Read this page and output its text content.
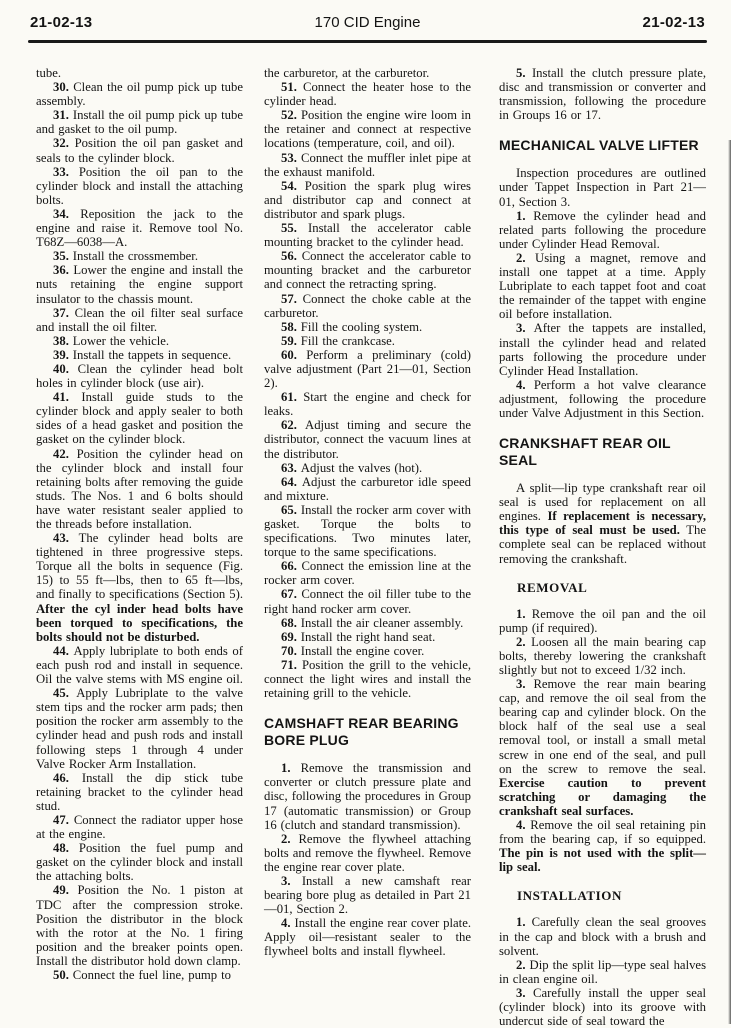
21-02-13	170 CID Engine	21-02-13

tube.

30. Clean the oil pump pick up tube assembly.

31. Install the oil pump pick up tube and gasket to the oil pump.

32. Position the oil pan gasket and seals to the cylinder block.

33. Position the oil pan to the cylinder block and install the attaching bolts.

34. Reposition the jack to the engine and raise it. Remove tool No. T68Z—6038—A.

35. Install the crossmember.

36. Lower the engine and install the nuts retaining the engine support insulator to the chassis mount.

37. Clean the oil filter seal surface and install the oil filter.

38. Lower the vehicle.

39. Install the tappets in sequence.

40. Clean the cylinder head bolt holes in cylinder block (use air).

41. Install guide studs to the cylinder block and apply sealer to both sides of a head gasket and position the gasket on the cylinder block.

42. Position the cylinder head on the cylinder block and install four retaining bolts after removing the guide studs. The Nos. 1 and 6 bolts should have water resistant sealer applied to the threads before installation.

43. The cylinder head bolts are tightened in three progressive steps. Torque all the bolts in sequence (Fig. 15) to 55 ft—lbs, then to 65 ft—lbs, and finally to specifications (Section 5). After the cyl inder head bolts have been torqued to specifications, the bolts should not be disturbed.

44. Apply lubriplate to both ends of each push rod and install in sequence. Oil the valve stems with MS engine oil.

45. Apply Lubriplate to the valve stem tips and the rocker arm pads; then position the rocker arm assembly to the cylinder head and push rods and install following steps 1 through 4 under Valve Rocker Arm Installation.

46. Install the dip stick tube retaining bracket to the cylinder head stud.

47. Connect the radiator upper hose at the engine.

48. Position the fuel pump and gasket on the cylinder block and install the attaching bolts.

49. Position the No. 1 piston at TDC after the compression stroke. Position the distributor in the block with the rotor at the No. 1 firing position and the breaker points open. Install the distributor hold down clamp.

50. Connect the fuel line, pump to

the carburetor, at the carburetor.

51. Connect the heater hose to the cylinder head.

52. Position the engine wire loom in the retainer and connect at respective locations (temperature, coil, and oil).

53. Connect the muffler inlet pipe at the exhaust manifold.

54. Position the spark plug wires and distributor cap and connect at distributor and spark plugs.

55. Install the accelerator cable mounting bracket to the cylinder head.

56. Connect the accelerator cable to mounting bracket and the carburetor and connect the retracting spring.

57. Connect the choke cable at the carburetor.

58. Fill the cooling system.

59. Fill the crankcase.

60. Perform a preliminary (cold) valve adjustment (Part 21—01, Section 2).

61. Start the engine and check for leaks.

62. Adjust timing and secure the distributor, connect the vacuum lines at the distributor.

63. Adjust the valves (hot).

64. Adjust the carburetor idle speed and mixture.

65. Install the rocker arm cover with gasket. Torque the bolts to specifications. Two minutes later, torque to the same specifications.

66. Connect the emission line at the rocker arm cover.

67. Connect the oil filler tube to the right hand rocker arm cover.

68. Install the air cleaner assembly.

69. Install the right hand seat.

70. Install the engine cover.

71. Position the grill to the vehicle, connect the light wires and install the retaining grill to the vehicle.

CAMSHAFT REAR BEARING BORE PLUG

1. Remove the transmission and converter or clutch pressure plate and disc, following the procedures in Group 17 (automatic transmission) or Group 16 (clutch and standard transmission).

2. Remove the flywheel attaching bolts and remove the flywheel. Remove the engine rear cover plate.

3. Install a new camshaft rear bearing bore plug as detailed in Part 21—01, Section 2.

4. Install the engine rear cover plate. Apply oil—resistant sealer to the flywheel bolts and install flywheel.

5. Install the clutch pressure plate, disc and transmission or converter and transmission, following the procedure in Groups 16 or 17.

MECHANICAL VALVE LIFTER

Inspection procedures are outlined under Tappet Inspection in Part 21—01, Section 3.

1. Remove the cylinder head and related parts following the procedure under Cylinder Head Removal.

2. Using a magnet, remove and install one tappet at a time. Apply Lubriplate to each tappet foot and coat the remainder of the tappet with engine oil before installation.

3. After the tappets are installed, install the cylinder head and related parts following the procedure under Cylinder Head Installation.

4. Perform a hot valve clearance adjustment, following the procedure under Valve Adjustment in this Section.

CRANKSHAFT REAR OIL SEAL

A split—lip type crankshaft rear oil seal is used for replacement on all engines. If replacement is necessary, this type of seal must be used. The complete seal can be replaced without removing the crankshaft.

REMOVAL

1. Remove the oil pan and the oil pump (if required).

2. Loosen all the main bearing cap bolts, thereby lowering the crankshaft slightly but not to exceed 1/32 inch.

3. Remove the rear main bearing cap, and remove the oil seal from the bearing cap and cylinder block. On the block half of the seal use a seal removal tool, or install a small metal screw in one end of the seal, and pull on the screw to remove the seal. Exercise caution to prevent scratching or damaging the crankshaft seal surfaces.

4. Remove the oil seal retaining pin from the bearing cap, if so equipped. The pin is not used with the split—lip seal.

INSTALLATION

1. Carefully clean the seal grooves in the cap and block with a brush and solvent.

2. Dip the split lip—type seal halves in clean engine oil.

3. Carefully install the upper seal (cylinder block) into its groove with undercut side of seal toward the
